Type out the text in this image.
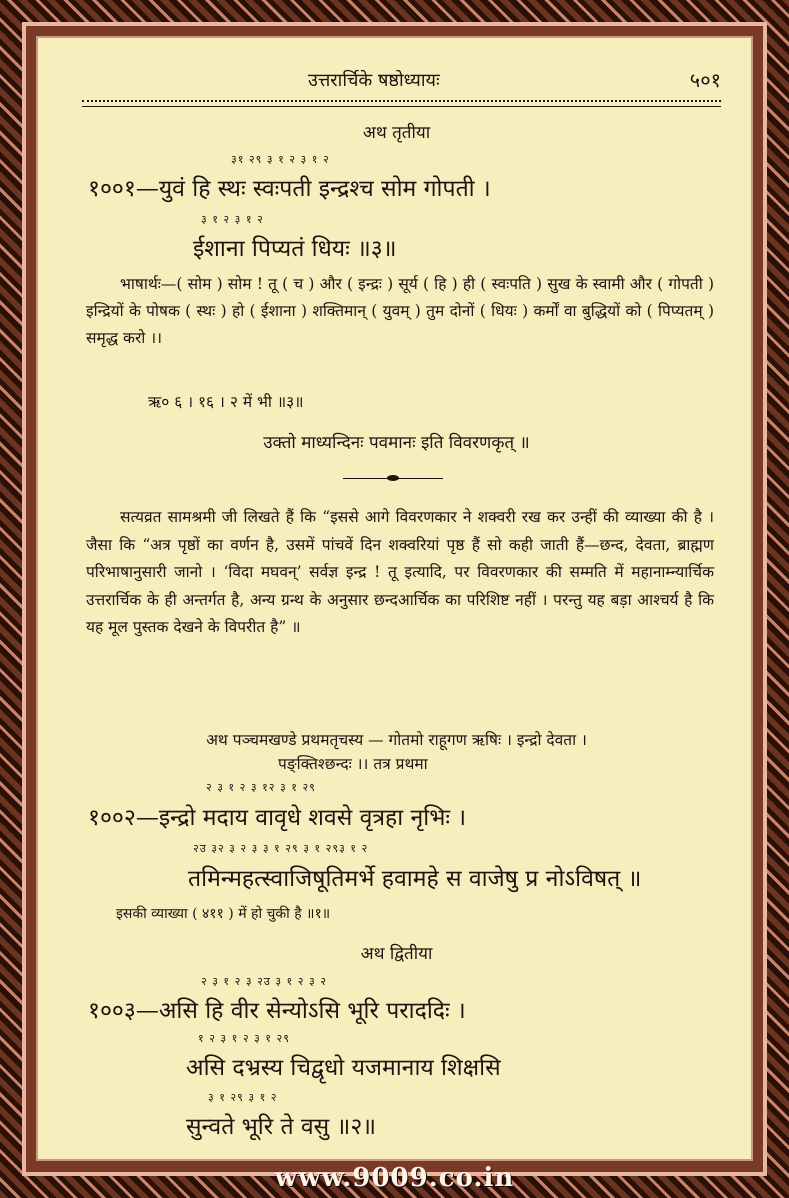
उत्तरार्चिके षष्ठोध्यायः	५०१
अथ तृतीया
३१ २९ ३ १ २ ३ १ २
१००१—युवं हि स्थः स्वःपती इन्द्रश्च सोम गोपती ।
३ १ २ ३ १ २
ईशाना पिप्यतं धियः ॥३॥
भाषार्थः—( सोम ) सोम ! तू ( च ) और ( इन्द्रः ) सूर्य ( हि ) ही ( स्वःपति ) सुख के स्वामी और ( गोपती ) इन्द्रियों के पोषक ( स्थः ) हो ( ईशाना ) शक्तिमान् ( युवम् ) तुम दोनों ( धियः ) कर्मों वा बुद्धियों को ( पिप्यतम् ) समृद्ध करो ।।
ऋ० ६ । १६ । २ में भी ॥३॥
उक्तो माध्यन्दिनः पवमानः इति विवरणकृत् ॥
सत्यव्रत सामश्रमी जी लिखते हैं कि “इससे आगे विवरणकार ने शक्वरी रख कर उन्हीं की व्याख्या की है । जैसा कि “अत्र पृष्ठों का वर्णन है, उसमें पांचवें दिन शक्वरियां पृष्ठ हैं सो कही जाती हैं—छन्द, देवता, ब्राह्मण परिभाषानुसारी जानो । ‘विदा मघवन्’ सर्वज्ञ इन्द्र ! तू इत्यादि, पर विवरणकार की सम्मति में महानाम्न्यार्चिक उत्तरार्चिक के ही अन्तर्गत है, अन्य ग्रन्थ के अनुसार छन्दआर्चिक का परिशिष्ट नहीं । परन्तु यह बड़ा आश्चर्य है कि यह मूल पुस्तक देखने के विपरीत है” ॥
अथ पञ्चमखण्डे प्रथमतृचस्य — गोतमो राहूगण ऋषिः । इन्द्रो देवता ।
पङ्क्तिश्छन्दः ।। तत्र प्रथमा
२ ३ १ २ ३ १२ ३ १ २९
१००२—इन्द्रो मदाय वावृधे शवसे वृत्रहा नृभिः ।
२उ ३२ ३ २ ३ ३ १ २९ ३ १ २९३ १ २
तमिन्महत्स्वाजिषूतिमर्भे हवामहे स वाजेषु प्र नोऽविषत् ॥
इसकी व्याख्या ( ४११ ) में हो चुकी है ॥१॥
अथ द्वितीया
२ ३ १ २ ३ २उ ३ १ २ ३ २
१००३—असि हि वीर सेन्योऽसि भूरि पराददिः ।
१ २ ३ १ २ ३ १ २९
असि दभ्रस्य चिद्वृधो यजमानाय शिक्षसि
३ १ २९ ३ १ २
सुन्वते भूरि ते वसु ॥२॥
www.9009.co.in
